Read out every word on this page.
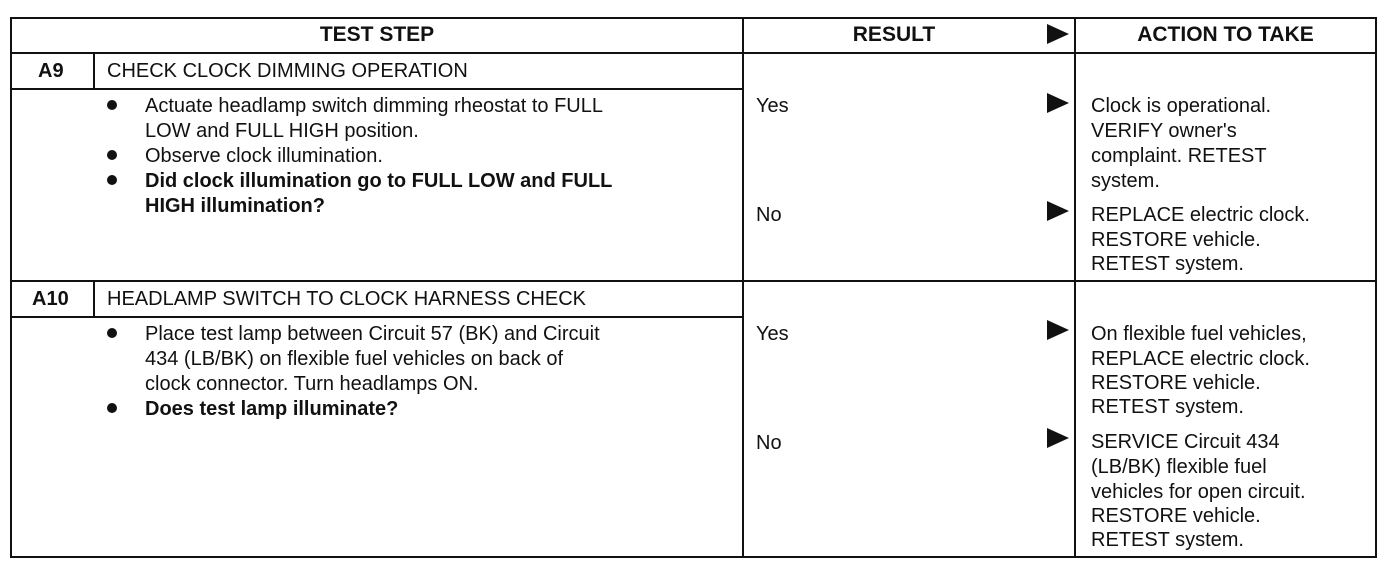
TEST STEP	RESULT	ACTION TO TAKE
A9 CHECK CLOCK DIMMING OPERATION
Actuate headlamp switch dimming rheostat to FULL
LOW and FULL HIGH position.
Observe clock illumination.
Did clock illumination go to FULL LOW and FULL
HIGH illumination?
Yes	Clock is operational.
VERIFY owner's
complaint. RETEST
system.
No	REPLACE electric clock.
RESTORE vehicle.
RETEST system.
A10 HEADLAMP SWITCH TO CLOCK HARNESS CHECK
Place test lamp between Circuit 57 (BK) and Circuit
434 (LB/BK) on flexible fuel vehicles on back of
clock connector. Turn headlamps ON.
Does test lamp illuminate?
Yes	On flexible fuel vehicles,
REPLACE electric clock.
RESTORE vehicle.
RETEST system.
No	SERVICE Circuit 434
(LB/BK) flexible fuel
vehicles for open circuit.
RESTORE vehicle.
RETEST system.
